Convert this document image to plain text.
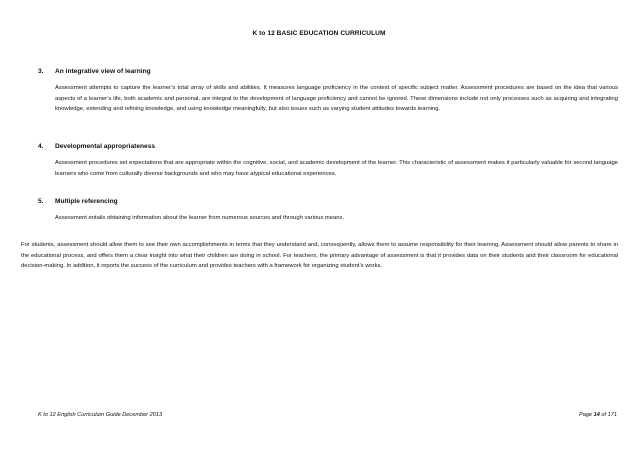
K to 12 BASIC EDUCATION CURRICULUM

3. An integrative view of learning

Assessment attempts to capture the learner’s total array of skills and abilities. It measures language proficiency in the context of specific subject matter. Assessment procedures are based on the idea that various aspects of a learner’s life, both academic and personal, are integral to the development of language proficiency and cannot be ignored. These dimensions include not only processes such as acquiring and integrating knowledge, extending and refining knowledge, and using knowledge meaningfully, but also issues such as varying student attitudes towards learning.

4. Developmental appropriateness

Assessment procedures set expectations that are appropriate within the cognitive, social, and academic development of the learner. This characteristic of assessment makes it particularly valuable for second language learners who come from culturally diverse backgrounds and who may have atypical educational experiences.

5. Multiple referencing

Assessment entails obtaining information about the learner from numerous sources and through various means.

For students, assessment should allow them to see their own accomplishments in terms that they understand and, consequently, allows them to assume responsibility for their learning. Assessment should allow parents to share in the educational process, and offers them a clear insight into what their children are doing in school. For teachers, the primary advantage of assessment is that it provides data on their students and their classroom for educational decision-making. In addition, it reports the success of the curriculum and provides teachers with a framework for organizing student’s works.

K to 12 English Curriculum Guide December 2013	Page 14 of 171
